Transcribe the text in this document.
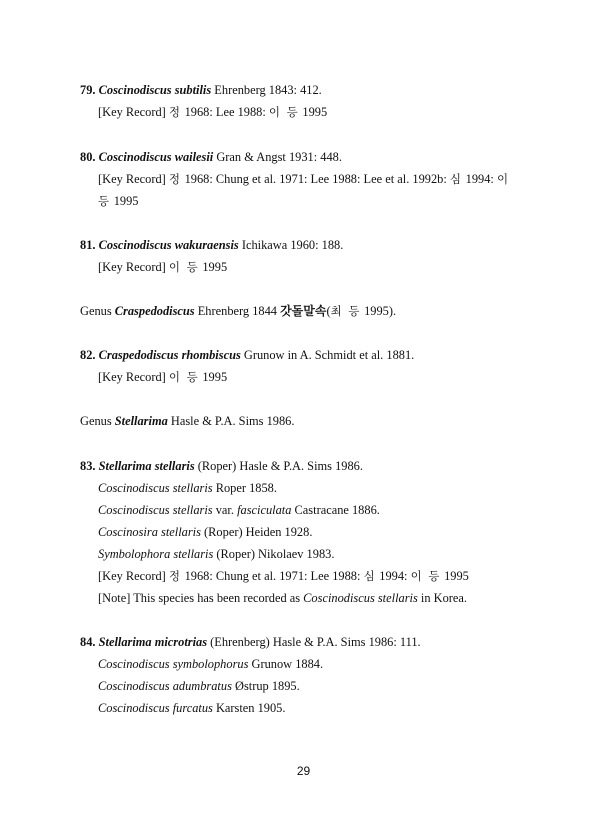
79. Coscinodiscus subtilis Ehrenberg 1843: 412.
[Key Record] 정 1968: Lee 1988: 이 등 1995
80. Coscinodiscus wailesii Gran & Angst 1931: 448.
[Key Record] 정 1968: Chung et al. 1971: Lee 1988: Lee et al. 1992b: 심 1994: 이
등 1995
81. Coscinodiscus wakuraensis Ichikawa 1960: 188.
[Key Record] 이 등 1995
Genus Craspedodiscus Ehrenberg 1844 갓돌말속(최 등 1995).
82. Craspedodiscus rhombiscus Grunow in A. Schmidt et al. 1881.
[Key Record] 이 등 1995
Genus Stellarima Hasle & P.A. Sims 1986.
83. Stellarima stellaris (Roper) Hasle & P.A. Sims 1986.
Coscinodiscus stellaris Roper 1858.
Coscinodiscus stellaris var. fasciculata Castracane 1886.
Coscinosira stellaris (Roper) Heiden 1928.
Symbolophora stellaris (Roper) Nikolaev 1983.
[Key Record] 정 1968: Chung et al. 1971: Lee 1988: 심 1994: 이 등 1995
[Note] This species has been recorded as Coscinodiscus stellaris in Korea.
84. Stellarima microtrias (Ehrenberg) Hasle & P.A. Sims 1986: 111.
Coscinodiscus symbolophorus Grunow 1884.
Coscinodiscus adumbratus Østrup 1895.
Coscinodiscus furcatus Karsten 1905.
29
